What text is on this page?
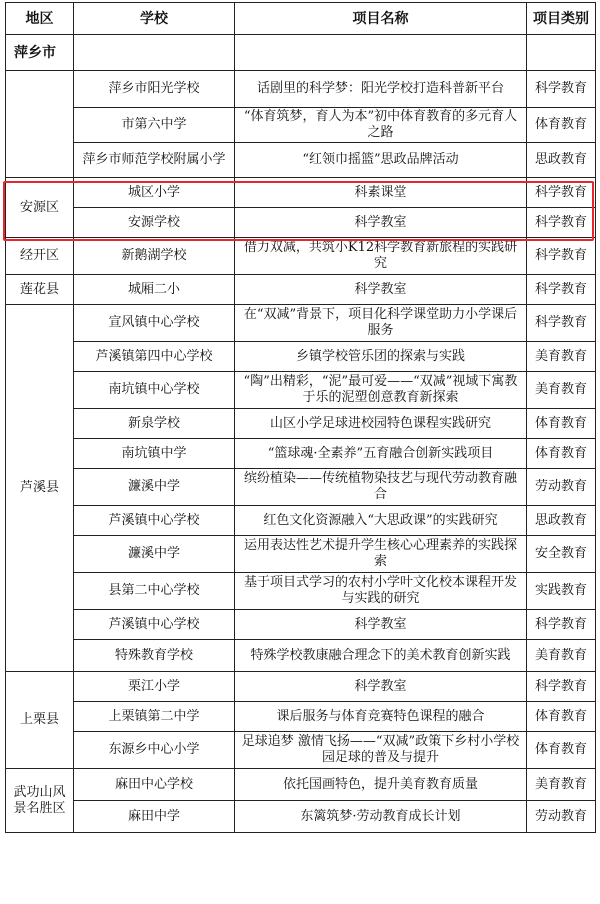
地区	学校	项目名称	项目类别
萍乡市			
	萍乡市阳光学校	话剧里的科学梦：阳光学校打造科普新平台	科学教育
	市第六中学	“体育筑梦，育人为本”初中体育教育的多元育人之路	体育教育
	萍乡市师范学校附属小学	“红领巾摇篮”思政品牌活动	思政教育
安源区	城区小学	科素课堂	科学教育
	安源学校	科学教室	科学教育
经开区	新鹅湖学校	借力双减，共筑小K12科学教育新旅程的实践研究	科学教育
莲花县	城厢二小	科学教室	科学教育
芦溪县	宣风镇中心学校	在“双减”背景下，项目化科学课堂助力小学课后服务	科学教育
	芦溪镇第四中心学校	乡镇学校管乐团的探索与实践	美育教育
	南坑镇中心学校	“陶”出精彩，“泥”最可爱——“双减”视域下寓教于乐的泥塑创意教育新探索	美育教育
	新泉学校	山区小学足球进校园特色课程实践研究	体育教育
	南坑镇中学	“篮球魂·全素养”五育融合创新实践项目	体育教育
	濂溪中学	缤纷植染——传统植物染技艺与现代劳动教育融合	劳动教育
	芦溪镇中心学校	红色文化资源融入“大思政课”的实践研究	思政教育
	濂溪中学	运用表达性艺术提升学生核心心理素养的实践探索	安全教育
	县第二中心学校	基于项目式学习的农村小学叶文化校本课程开发与实践的研究	实践教育
	芦溪镇中心学校	科学教室	科学教育
	特殊教育学校	特殊学校教康融合理念下的美术教育创新实践	美育教育
上栗县	栗江小学	科学教室	科学教育
	上栗镇第二中学	课后服务与体育竞赛特色课程的融合	体育教育
	东源乡中心小学	足球追梦 激情飞扬——“双减”政策下乡村小学校园足球的普及与提升	体育教育
武功山风景名胜区	麻田中心学校	依托国画特色，提升美育教育质量	美育教育
	麻田中学	东篱筑梦·劳动教育成长计划	劳动教育
